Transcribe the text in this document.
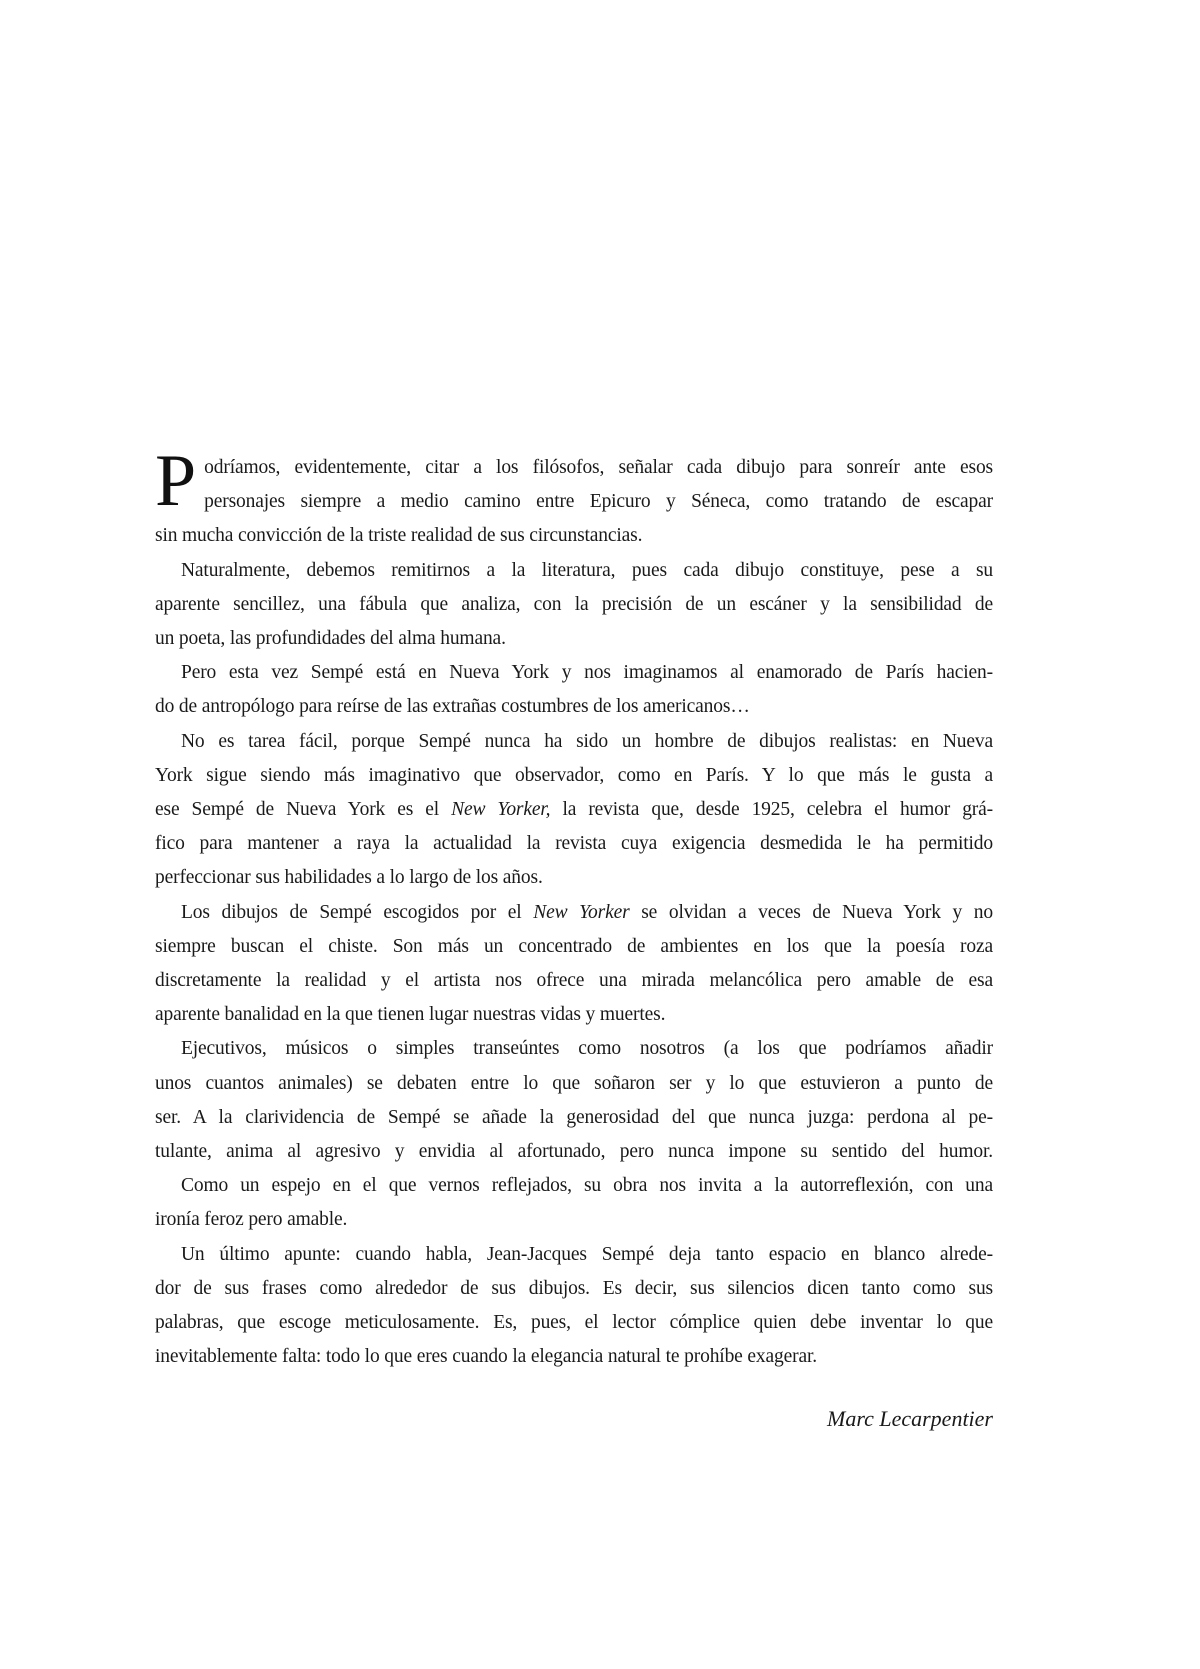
P odríamos, evidentemente, citar a los filósofos, señalar cada dibujo para sonreír ante esos
personajes siempre a medio camino entre Epicuro y Séneca, como tratando de escapar
sin mucha convicción de la triste realidad de sus circunstancias.
Naturalmente, debemos remitirnos a la literatura, pues cada dibujo constituye, pese a su
aparente sencillez, una fábula que analiza, con la precisión de un escáner y la sensibilidad de
un poeta, las profundidades del alma humana.
Pero esta vez Sempé está en Nueva York y nos imaginamos al enamorado de París hacien-
do de antropólogo para reírse de las extrañas costumbres de los americanos…
No es tarea fácil, porque Sempé nunca ha sido un hombre de dibujos realistas: en Nueva
York sigue siendo más imaginativo que observador, como en París. Y lo que más le gusta a
ese Sempé de Nueva York es el New Yorker, la revista que, desde 1925, celebra el humor grá-
fico para mantener a raya la actualidad la revista cuya exigencia desmedida le ha permitido
perfeccionar sus habilidades a lo largo de los años.
Los dibujos de Sempé escogidos por el New Yorker se olvidan a veces de Nueva York y no
siempre buscan el chiste. Son más un concentrado de ambientes en los que la poesía roza
discretamente la realidad y el artista nos ofrece una mirada melancólica pero amable de esa
aparente banalidad en la que tienen lugar nuestras vidas y muertes.
Ejecutivos, músicos o simples transeúntes como nosotros (a los que podríamos añadir
unos cuantos animales) se debaten entre lo que soñaron ser y lo que estuvieron a punto de
ser. A la clarividencia de Sempé se añade la generosidad del que nunca juzga: perdona al pe-
tulante, anima al agresivo y envidia al afortunado, pero nunca impone su sentido del humor.
Como un espejo en el que vernos reflejados, su obra nos invita a la autorreflexión, con una
ironía feroz pero amable.
Un último apunte: cuando habla, Jean-Jacques Sempé deja tanto espacio en blanco alrede-
dor de sus frases como alrededor de sus dibujos. Es decir, sus silencios dicen tanto como sus
palabras, que escoge meticulosamente. Es, pues, el lector cómplice quien debe inventar lo que
inevitablemente falta: todo lo que eres cuando la elegancia natural te prohíbe exagerar.
Marc Lecarpentier
